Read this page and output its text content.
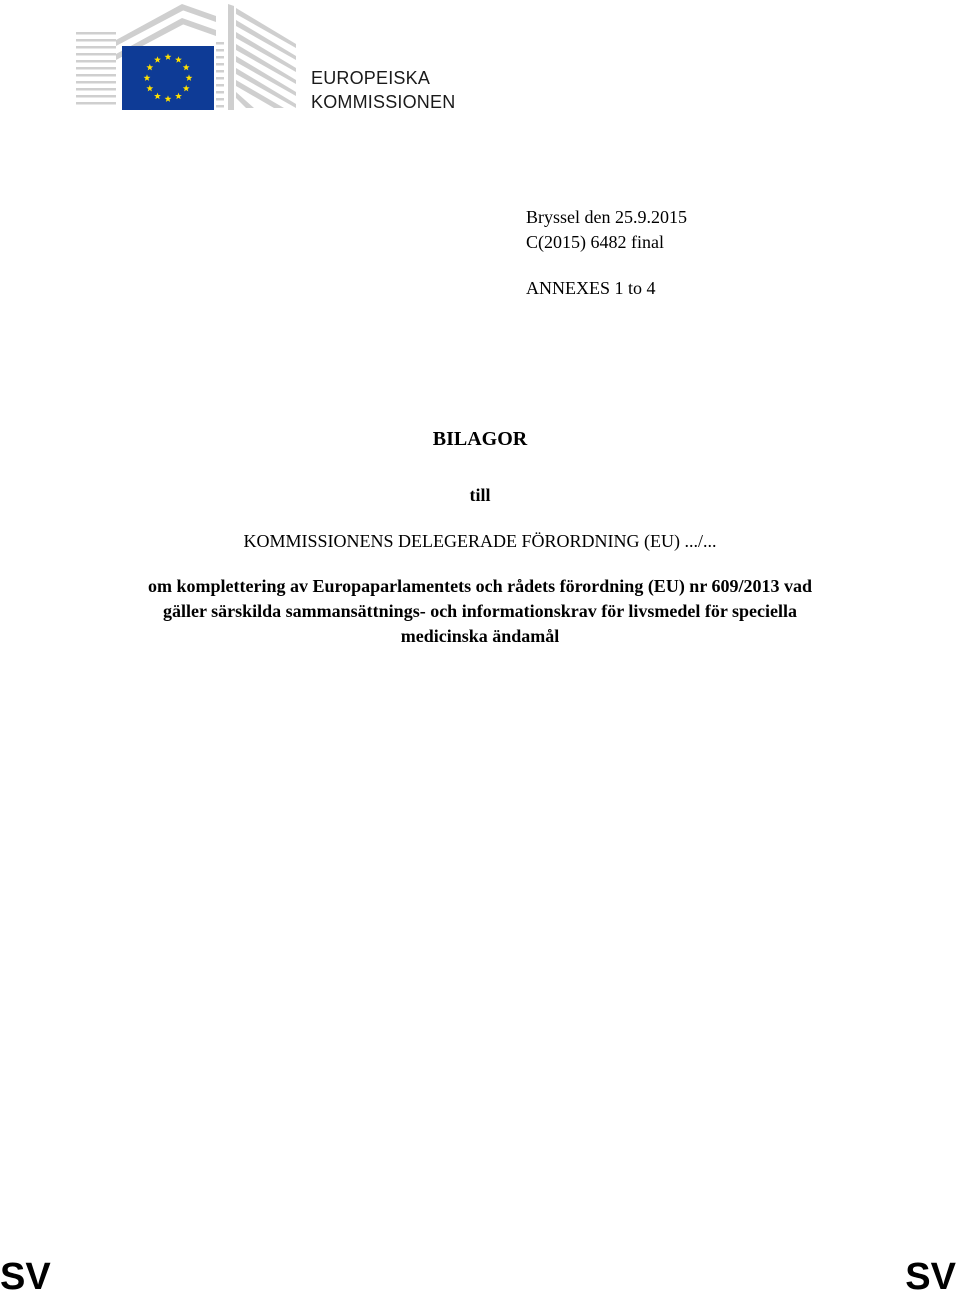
EUROPEISKA
KOMMISSIONEN
Bryssel den 25.9.2015
C(2015) 6482 final
ANNEXES 1 to 4
BILAGOR
till
KOMMISSIONENS DELEGERADE FÖRORDNING (EU) .../...
om komplettering av Europaparlamentets och rådets förordning (EU) nr 609/2013 vad
gäller särskilda sammansättnings- och informationskrav för livsmedel för speciella
medicinska ändamål
SV	SV
